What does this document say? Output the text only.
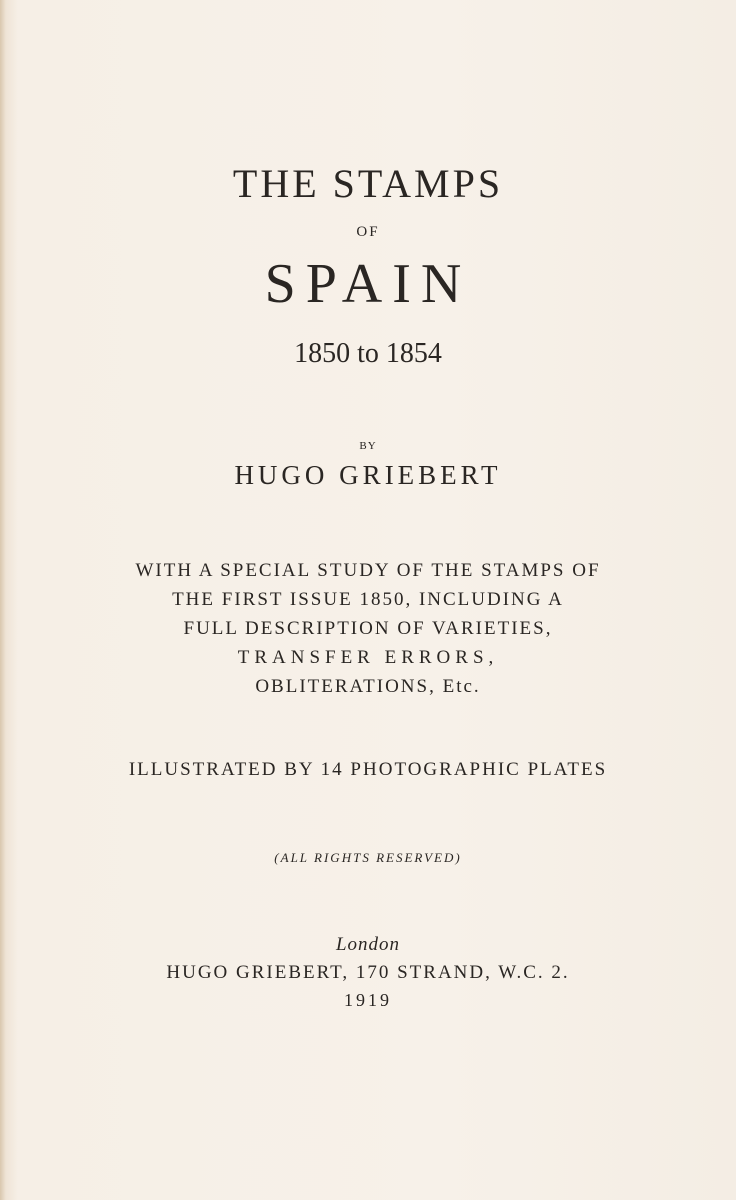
THE STAMPS
OF
SPAIN
1850 to 1854
BY
HUGO GRIEBERT
WITH A SPECIAL STUDY OF THE STAMPS OF
THE FIRST ISSUE 1850, INCLUDING A
FULL DESCRIPTION OF VARIETIES,
TRANSFER ERRORS,
OBLITERATIONS, Etc.
ILLUSTRATED BY 14 PHOTOGRAPHIC PLATES
(ALL RIGHTS RESERVED)
London
HUGO GRIEBERT, 170 STRAND, W.C. 2.
1919
